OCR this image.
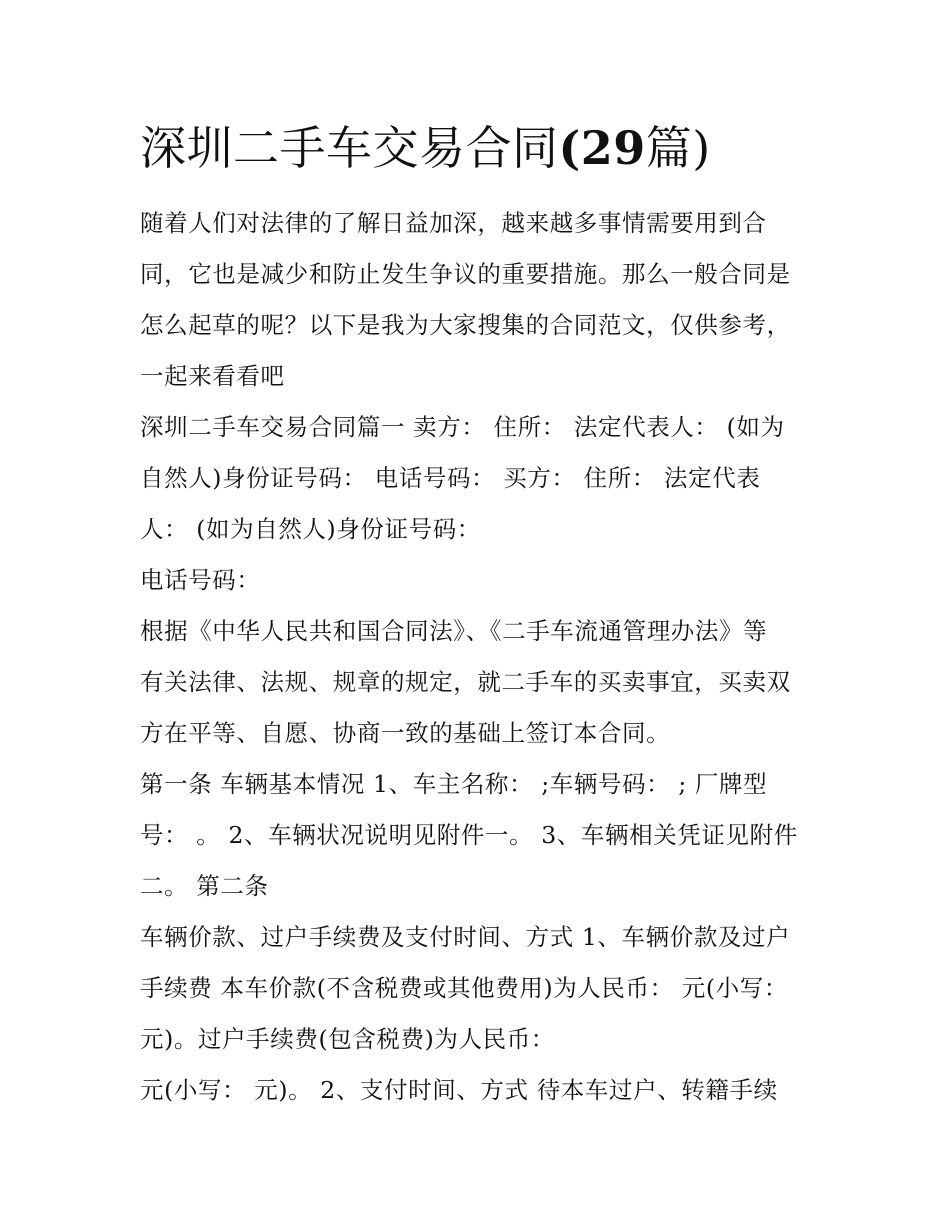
深圳二手车交易合同(29篇)
随着人们对法律的了解日益加深，越来越多事情需要用到合
同，它也是减少和防止发生争议的重要措施。那么一般合同是
怎么起草的呢？以下是我为大家搜集的合同范文，仅供参考，
一起来看看吧
深圳二手车交易合同篇一 卖方： 住所： 法定代表人： (如为
自然人)身份证号码： 电话号码： 买方： 住所： 法定代表
人： (如为自然人)身份证号码：
电话号码：
根据《中华人民共和国合同法》、《二手车流通管理办法》等
有关法律、法规、规章的规定，就二手车的买卖事宜，买卖双
方在平等、自愿、协商一致的基础上签订本合同。
第一条 车辆基本情况 1、车主名称： ;车辆号码： ; 厂牌型
号： 。 2、车辆状况说明见附件一。 3、车辆相关凭证见附件
二。 第二条
车辆价款、过户手续费及支付时间、方式 1、车辆价款及过户
手续费 本车价款(不含税费或其他费用)为人民币： 元(小写：
元)。过户手续费(包含税费)为人民币：
元(小写： 元)。 2、支付时间、方式 待本车过户、转籍手续
